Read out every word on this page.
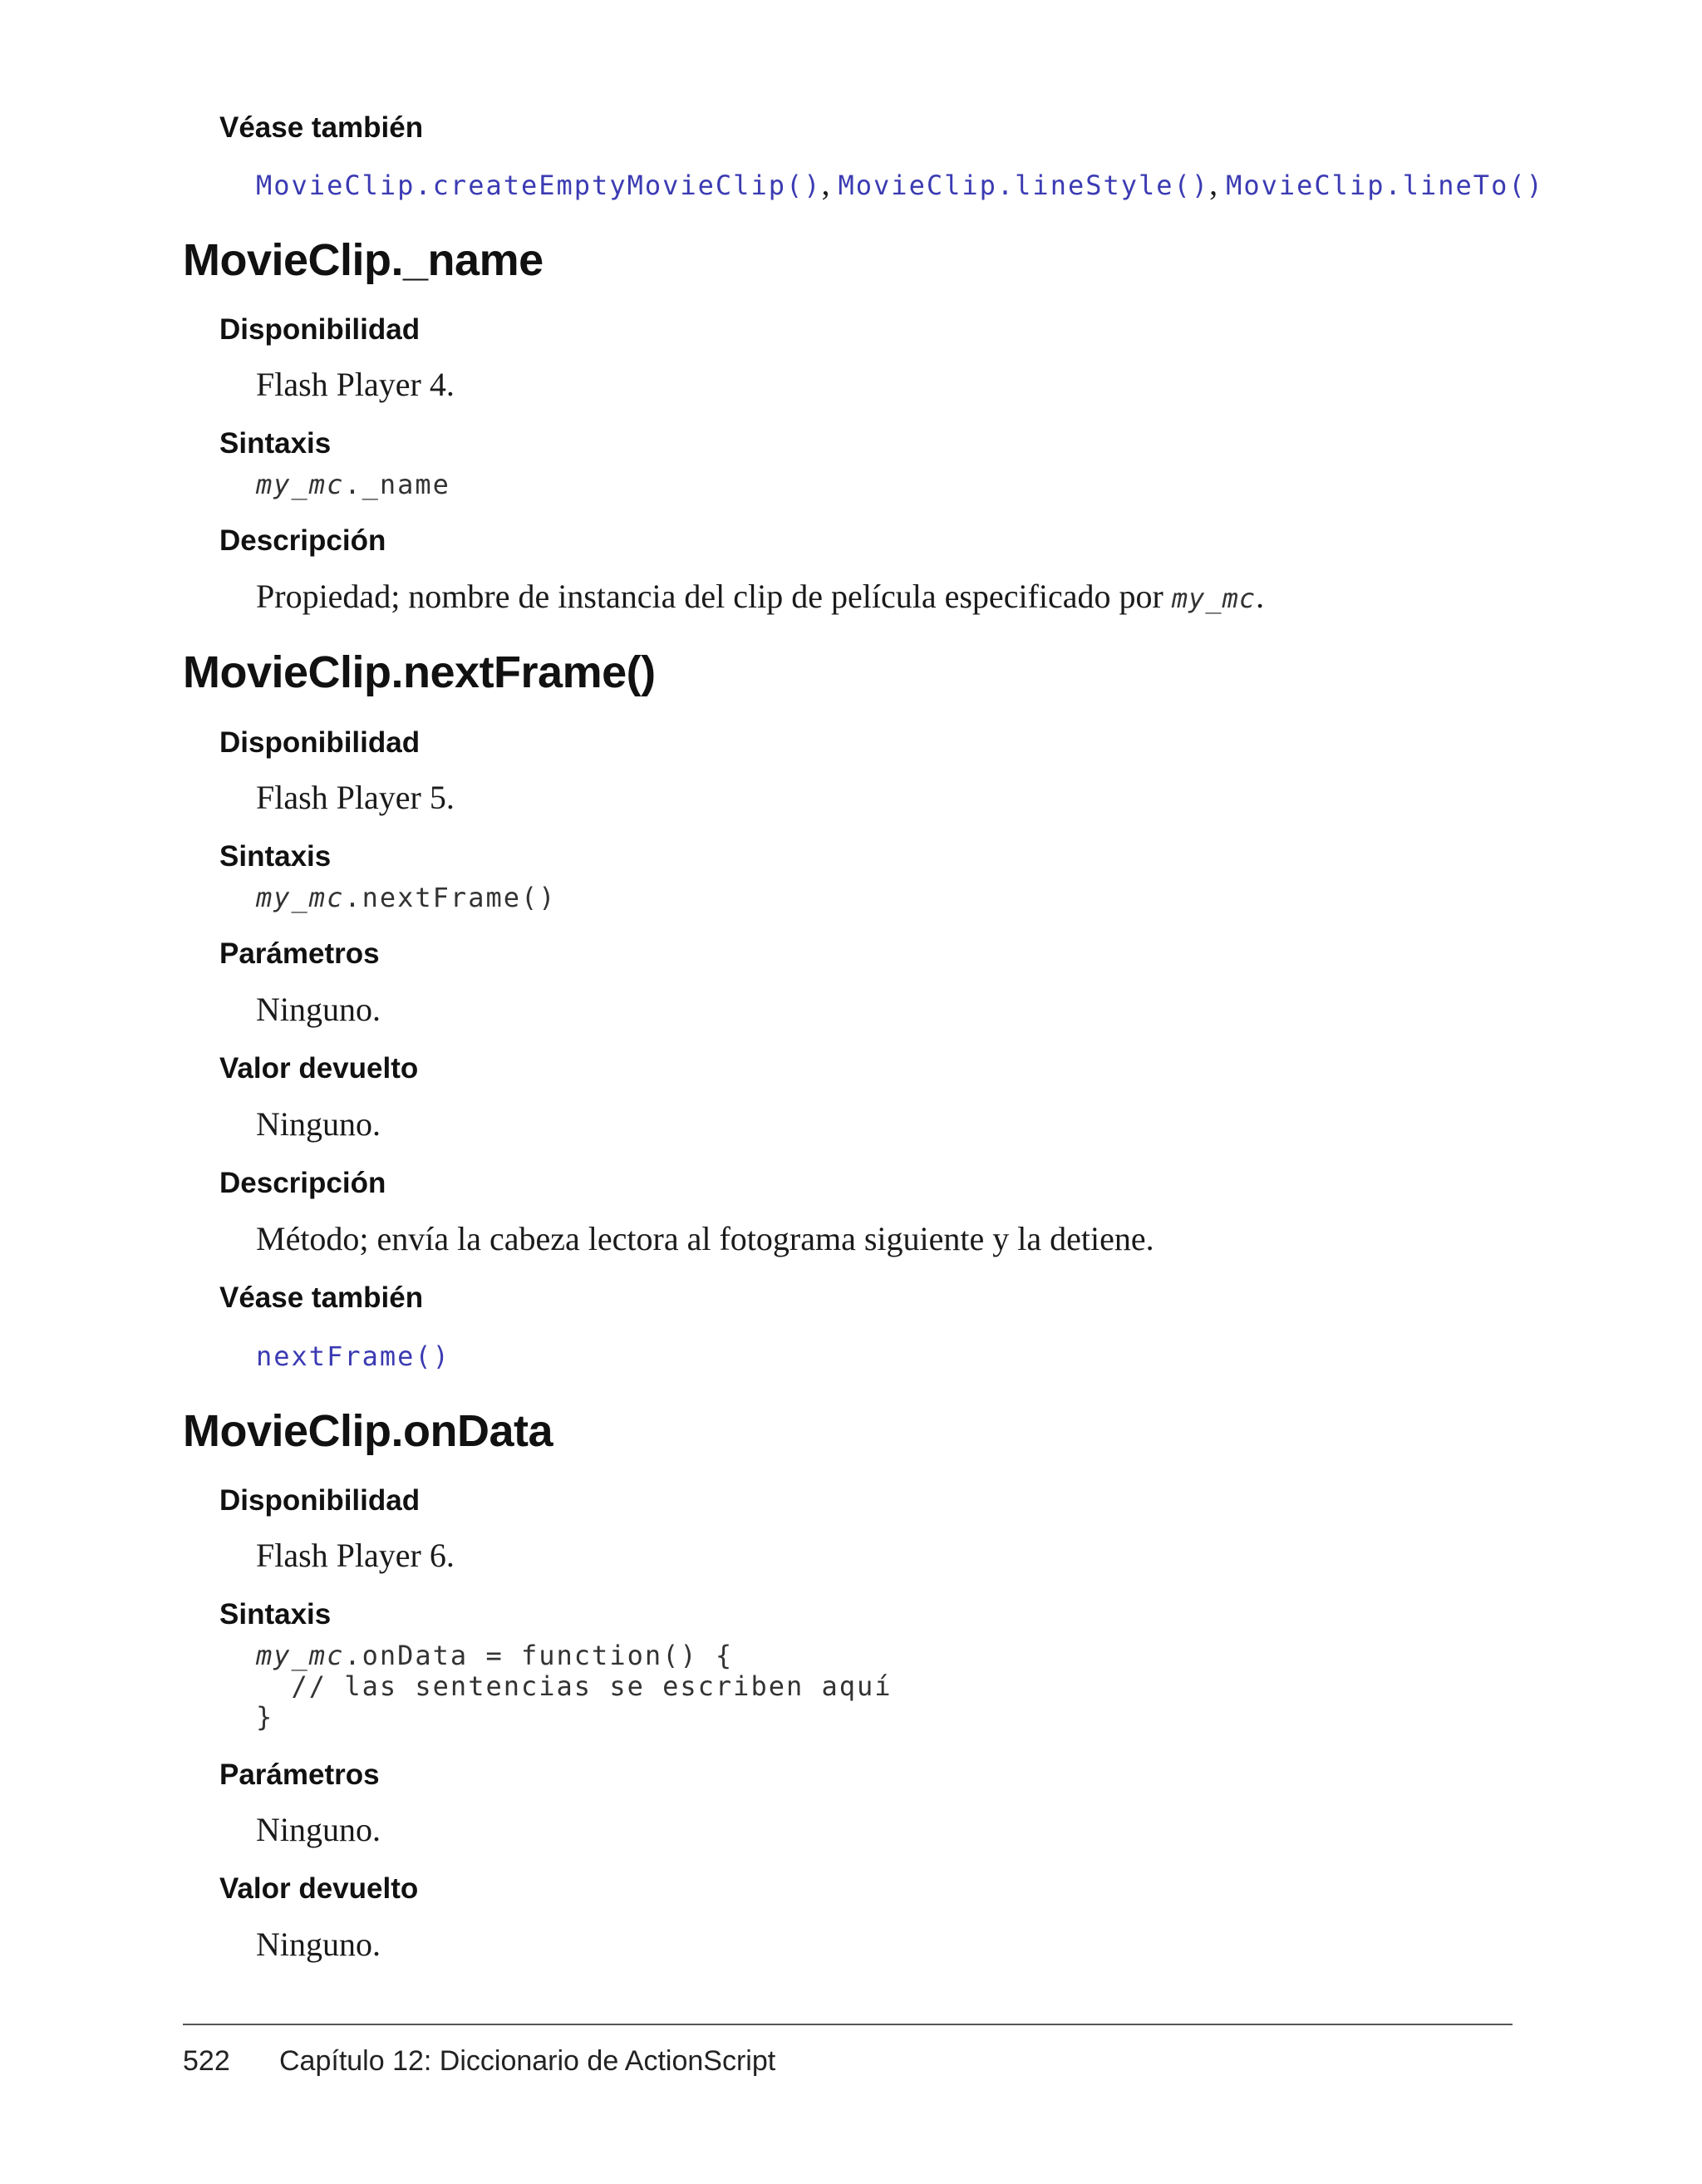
Véase también
MovieClip.createEmptyMovieClip(), MovieClip.lineStyle(), MovieClip.lineTo()
MovieClip._name
Disponibilidad
Flash Player 4.
Sintaxis
my_mc._name
Descripción
Propiedad; nombre de instancia del clip de película especificado por my_mc.
MovieClip.nextFrame()
Disponibilidad
Flash Player 5.
Sintaxis
my_mc.nextFrame()
Parámetros
Ninguno.
Valor devuelto
Ninguno.
Descripción
Método; envía la cabeza lectora al fotograma siguiente y la detiene.
Véase también
nextFrame()
MovieClip.onData
Disponibilidad
Flash Player 6.
Sintaxis
my_mc.onData = function() {
// las sentencias se escriben aquí
}
Parámetros
Ninguno.
Valor devuelto
Ninguno.
522 Capítulo 12: Diccionario de ActionScript
